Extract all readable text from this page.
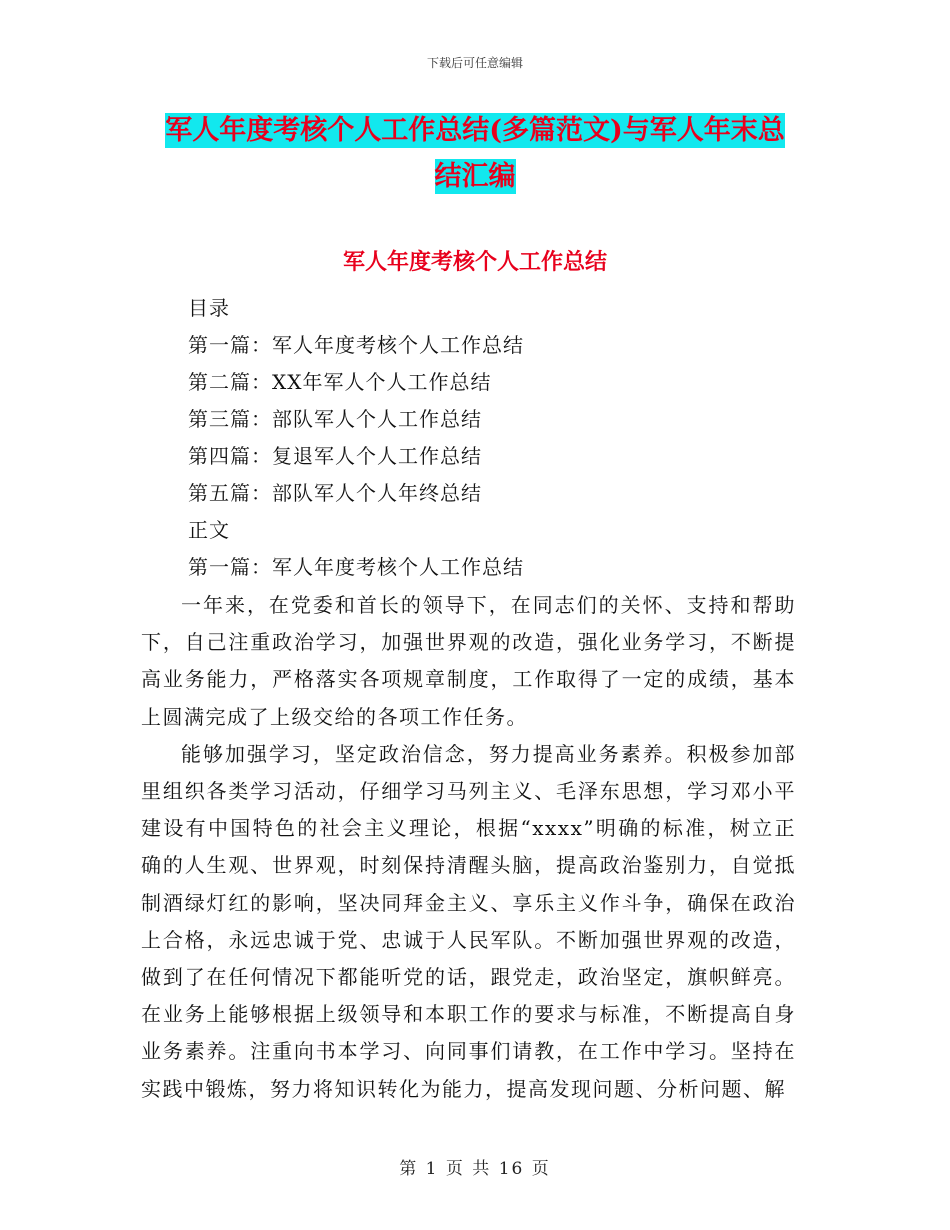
下载后可任意编辑
军人年度考核个人工作总结(多篇范文)与军人年末总
结汇编
军人年度考核个人工作总结
目录
第一篇：军人年度考核个人工作总结
第二篇：XX年军人个人工作总结
第三篇：部队军人个人工作总结
第四篇：复退军人个人工作总结
第五篇：部队军人个人年终总结
正文
第一篇：军人年度考核个人工作总结

一年来，在党委和首长的领导下，在同志们的关怀、支持和帮助下，自己注重政治学习，加强世界观的改造，强化业务学习，不断提高业务能力，严格落实各项规章制度，工作取得了一定的成绩，基本上圆满完成了上级交给的各项工作任务。

能够加强学习，坚定政治信念，努力提高业务素养。积极参加部里组织各类学习活动，仔细学习马列主义、毛泽东思想，学习邓小平建设有中国特色的社会主义理论，根据“xxxx”明确的标准，树立正确的人生观、世界观，时刻保持清醒头脑，提高政治鉴别力，自觉抵制酒绿灯红的影响，坚决同拜金主义、享乐主义作斗争，确保在政治上合格，永远忠诚于党、忠诚于人民军队。不断加强世界观的改造，做到了在任何情况下都能听党的话，跟党走，政治坚定，旗帜鲜亮。在业务上能够根据上级领导和本职工作的要求与标准，不断提高自身业务素养。注重向书本学习、向同事们请教，在工作中学习。坚持在实践中锻炼，努力将知识转化为能力，提高发现问题、分析问题、解

第 1 页 共 16 页
